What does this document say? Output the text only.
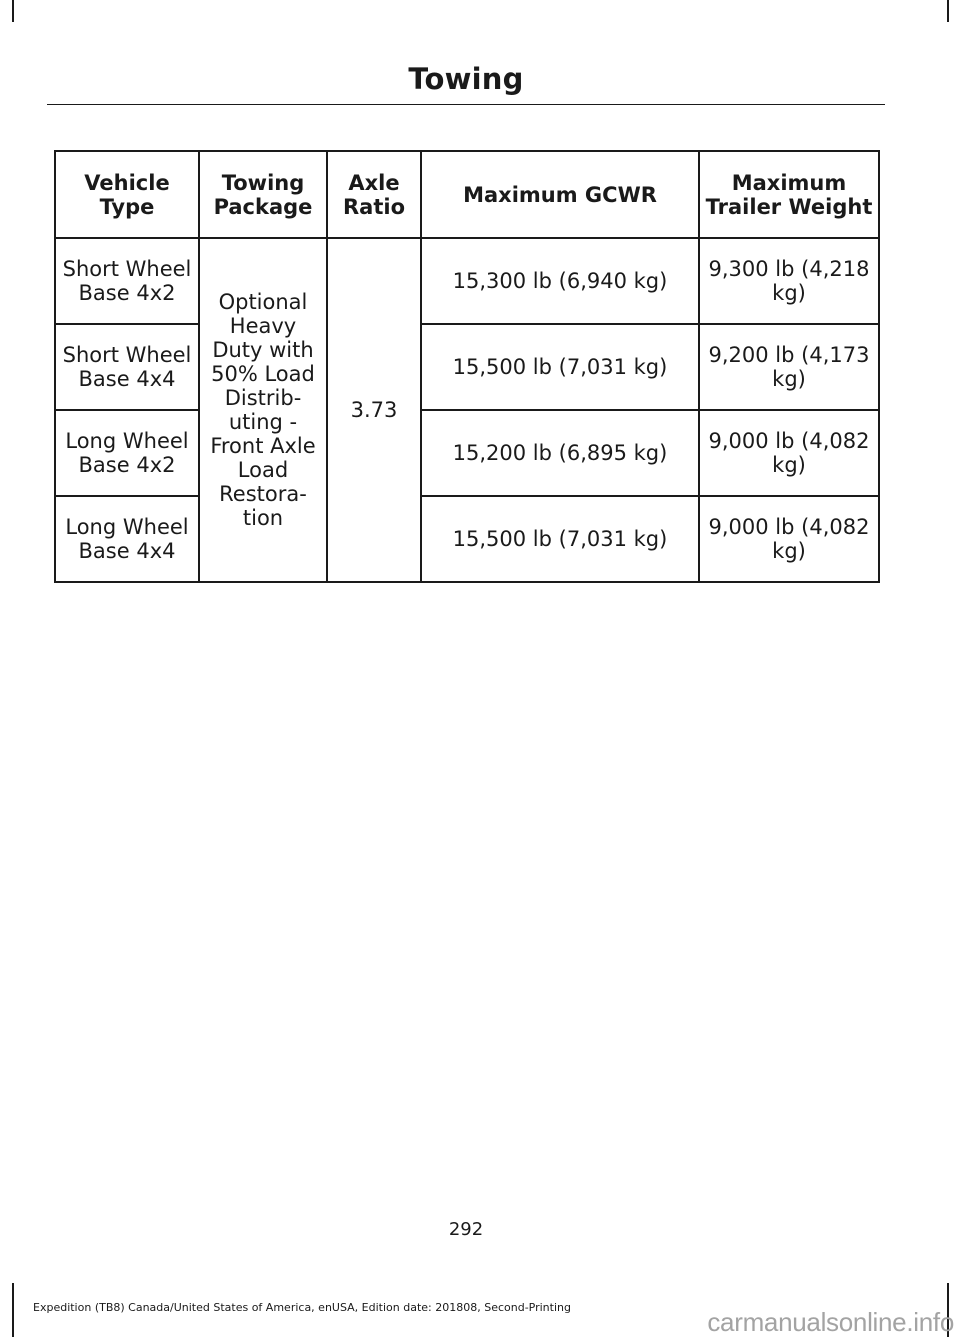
Towing
Vehicle Type	Towing Package	Axle Ratio	Maximum GCWR	Maximum Trailer Weight
Short Wheel Base 4x2	Optional Heavy Duty with 50% Load Distrib- uting - Front Axle Load Restora- tion	3.73	15,300 lb (6,940 kg)	9,300 lb (4,218 kg)
Short Wheel Base 4x4			15,500 lb (7,031 kg)	9,200 lb (4,173 kg)
Long Wheel Base 4x2			15,200 lb (6,895 kg)	9,000 lb (4,082 kg)
Long Wheel Base 4x4			15,500 lb (7,031 kg)	9,000 lb (4,082 kg)
292
Expedition (TB8) Canada/United States of America, enUSA, Edition date: 201808, Second-Printing	carmanualsonline.info
